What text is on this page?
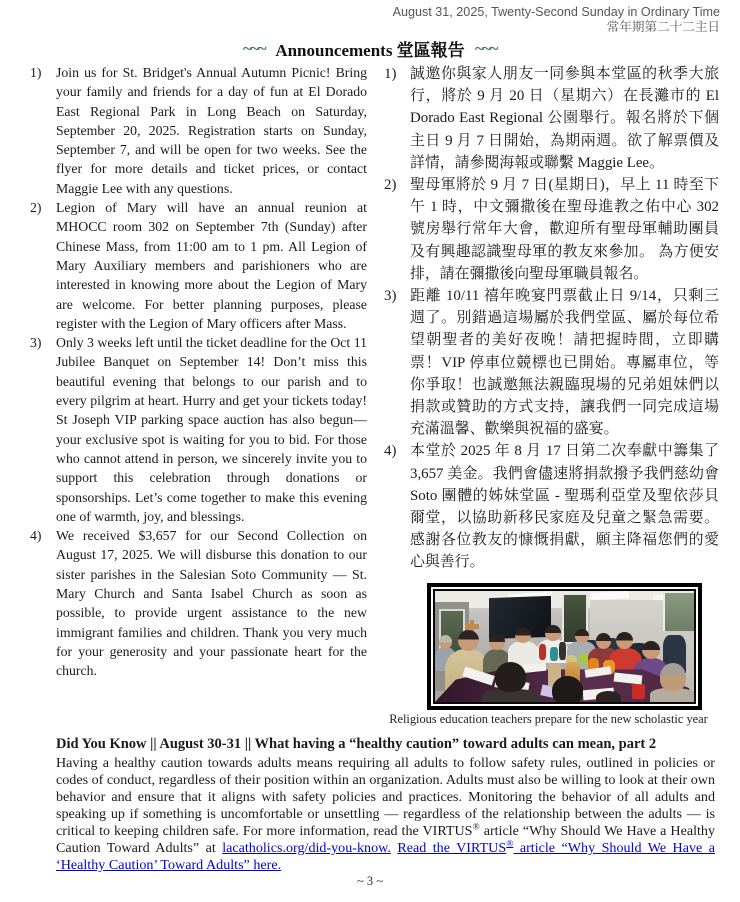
August 31, 2025, Twenty-Second Sunday in Ordinary Time
常年期第二十二主日
~~~ Announcements 堂區報告 ~~~
1)	Join us for St. Bridget's Annual Autumn Picnic! Bring your family and friends for a day of fun at El Dorado East Regional Park in Long Beach on Saturday, September 20, 2025. Registration starts on Sunday, September 7, and will be open for two weeks. See the flyer for more details and ticket prices, or contact Maggie Lee with any questions.
2)	Legion of Mary will have an annual reunion at MHOCC room 302 on September 7th (Sunday) after Chinese Mass, from 11:00 am to 1 pm. All Legion of Mary Auxiliary members and parishioners who are interested in knowing more about the Legion of Mary are welcome. For better planning purposes, please register with the Legion of Mary officers after Mass.
3)	Only 3 weeks left until the ticket deadline for the Oct 11 Jubilee Banquet on September 14! Don’t miss this beautiful evening that belongs to our parish and to every pilgrim at heart. Hurry and get your tickets today! St Joseph VIP parking space auction has also begun—your exclusive spot is waiting for you to bid. For those who cannot attend in person, we sincerely invite you to support this celebration through donations or sponsorships. Let’s come together to make this evening one of warmth, joy, and blessings.
4)	We received $3,657 for our Second Collection on August 17, 2025. We will disburse this donation to our sister parishes in the Salesian Soto Community — St. Mary Church and Santa Isabel Church as soon as possible, to provide urgent assistance to the new immigrant families and children. Thank you very much for your generosity and your passionate heart for the church.
1) 誠邀你與家人朋友一同參與本堂區的秋季大旅行，將於 9 月 20 日（星期六）在長灘市的 El Dorado East Regional 公園舉行。報名將於下個主日 9 月 7 日開始，為期兩週。欲了解票價及詳情，請參閱海報或聯繫 Maggie Lee。
2) 聖母軍將於 9 月 7 日(星期日)，早上 11 時至下午 1 時，中文彌撒後在聖母進教之佑中心 302 號房舉行常年大會，歡迎所有聖母軍輔助團員及有興趣認識聖母軍的教友來參加。 為方便安排，請在彌撒後向聖母軍職員報名。
3) 距離 10/11 禧年晚宴門票截止日 9/14，只剩三週了。別錯過這場屬於我們堂區、屬於每位希望朝聖者的美好夜晚！請把握時間，立即購票！VIP 停車位競標也已開始。專屬車位，等你爭取！也誠邀無法親臨現場的兄弟姐妹們以捐款或贊助的方式支持，讓我們一同完成這場充滿溫馨、歡樂與祝福的盛宴。
4) 本堂於 2025 年 8 月 17 日第二次奉獻中籌集了 3,657 美金。我們會儘速將捐款撥予我們慈幼會 Soto 團體的姊妹堂區 - 聖瑪利亞堂及聖依莎貝爾堂，以協助新移民家庭及兒童之緊急需要。 感謝各位教友的慷慨捐獻，願主降福您們的愛心與善行。
Religious education teachers prepare for the new scholastic year
Did You Know || August 30-31 || What having a “healthy caution” toward adults can mean, part 2
Having a healthy caution towards adults means requiring all adults to follow safety rules, outlined in policies or codes of conduct, regardless of their position within an organization. Adults must also be willing to look at their own behavior and ensure that it aligns with safety policies and practices. Monitoring the behavior of all adults and speaking up if something is uncomfortable or unsettling — regardless of the relationship between the adults — is critical to keeping children safe. For more information, read the VIRTUS® article “Why Should We Have a Healthy Caution Toward Adults” at lacatholics.org/did-you-know. Read the VIRTUS® article “Why Should We Have a ‘Healthy Caution’ Toward Adults” here.
~ 3 ~
